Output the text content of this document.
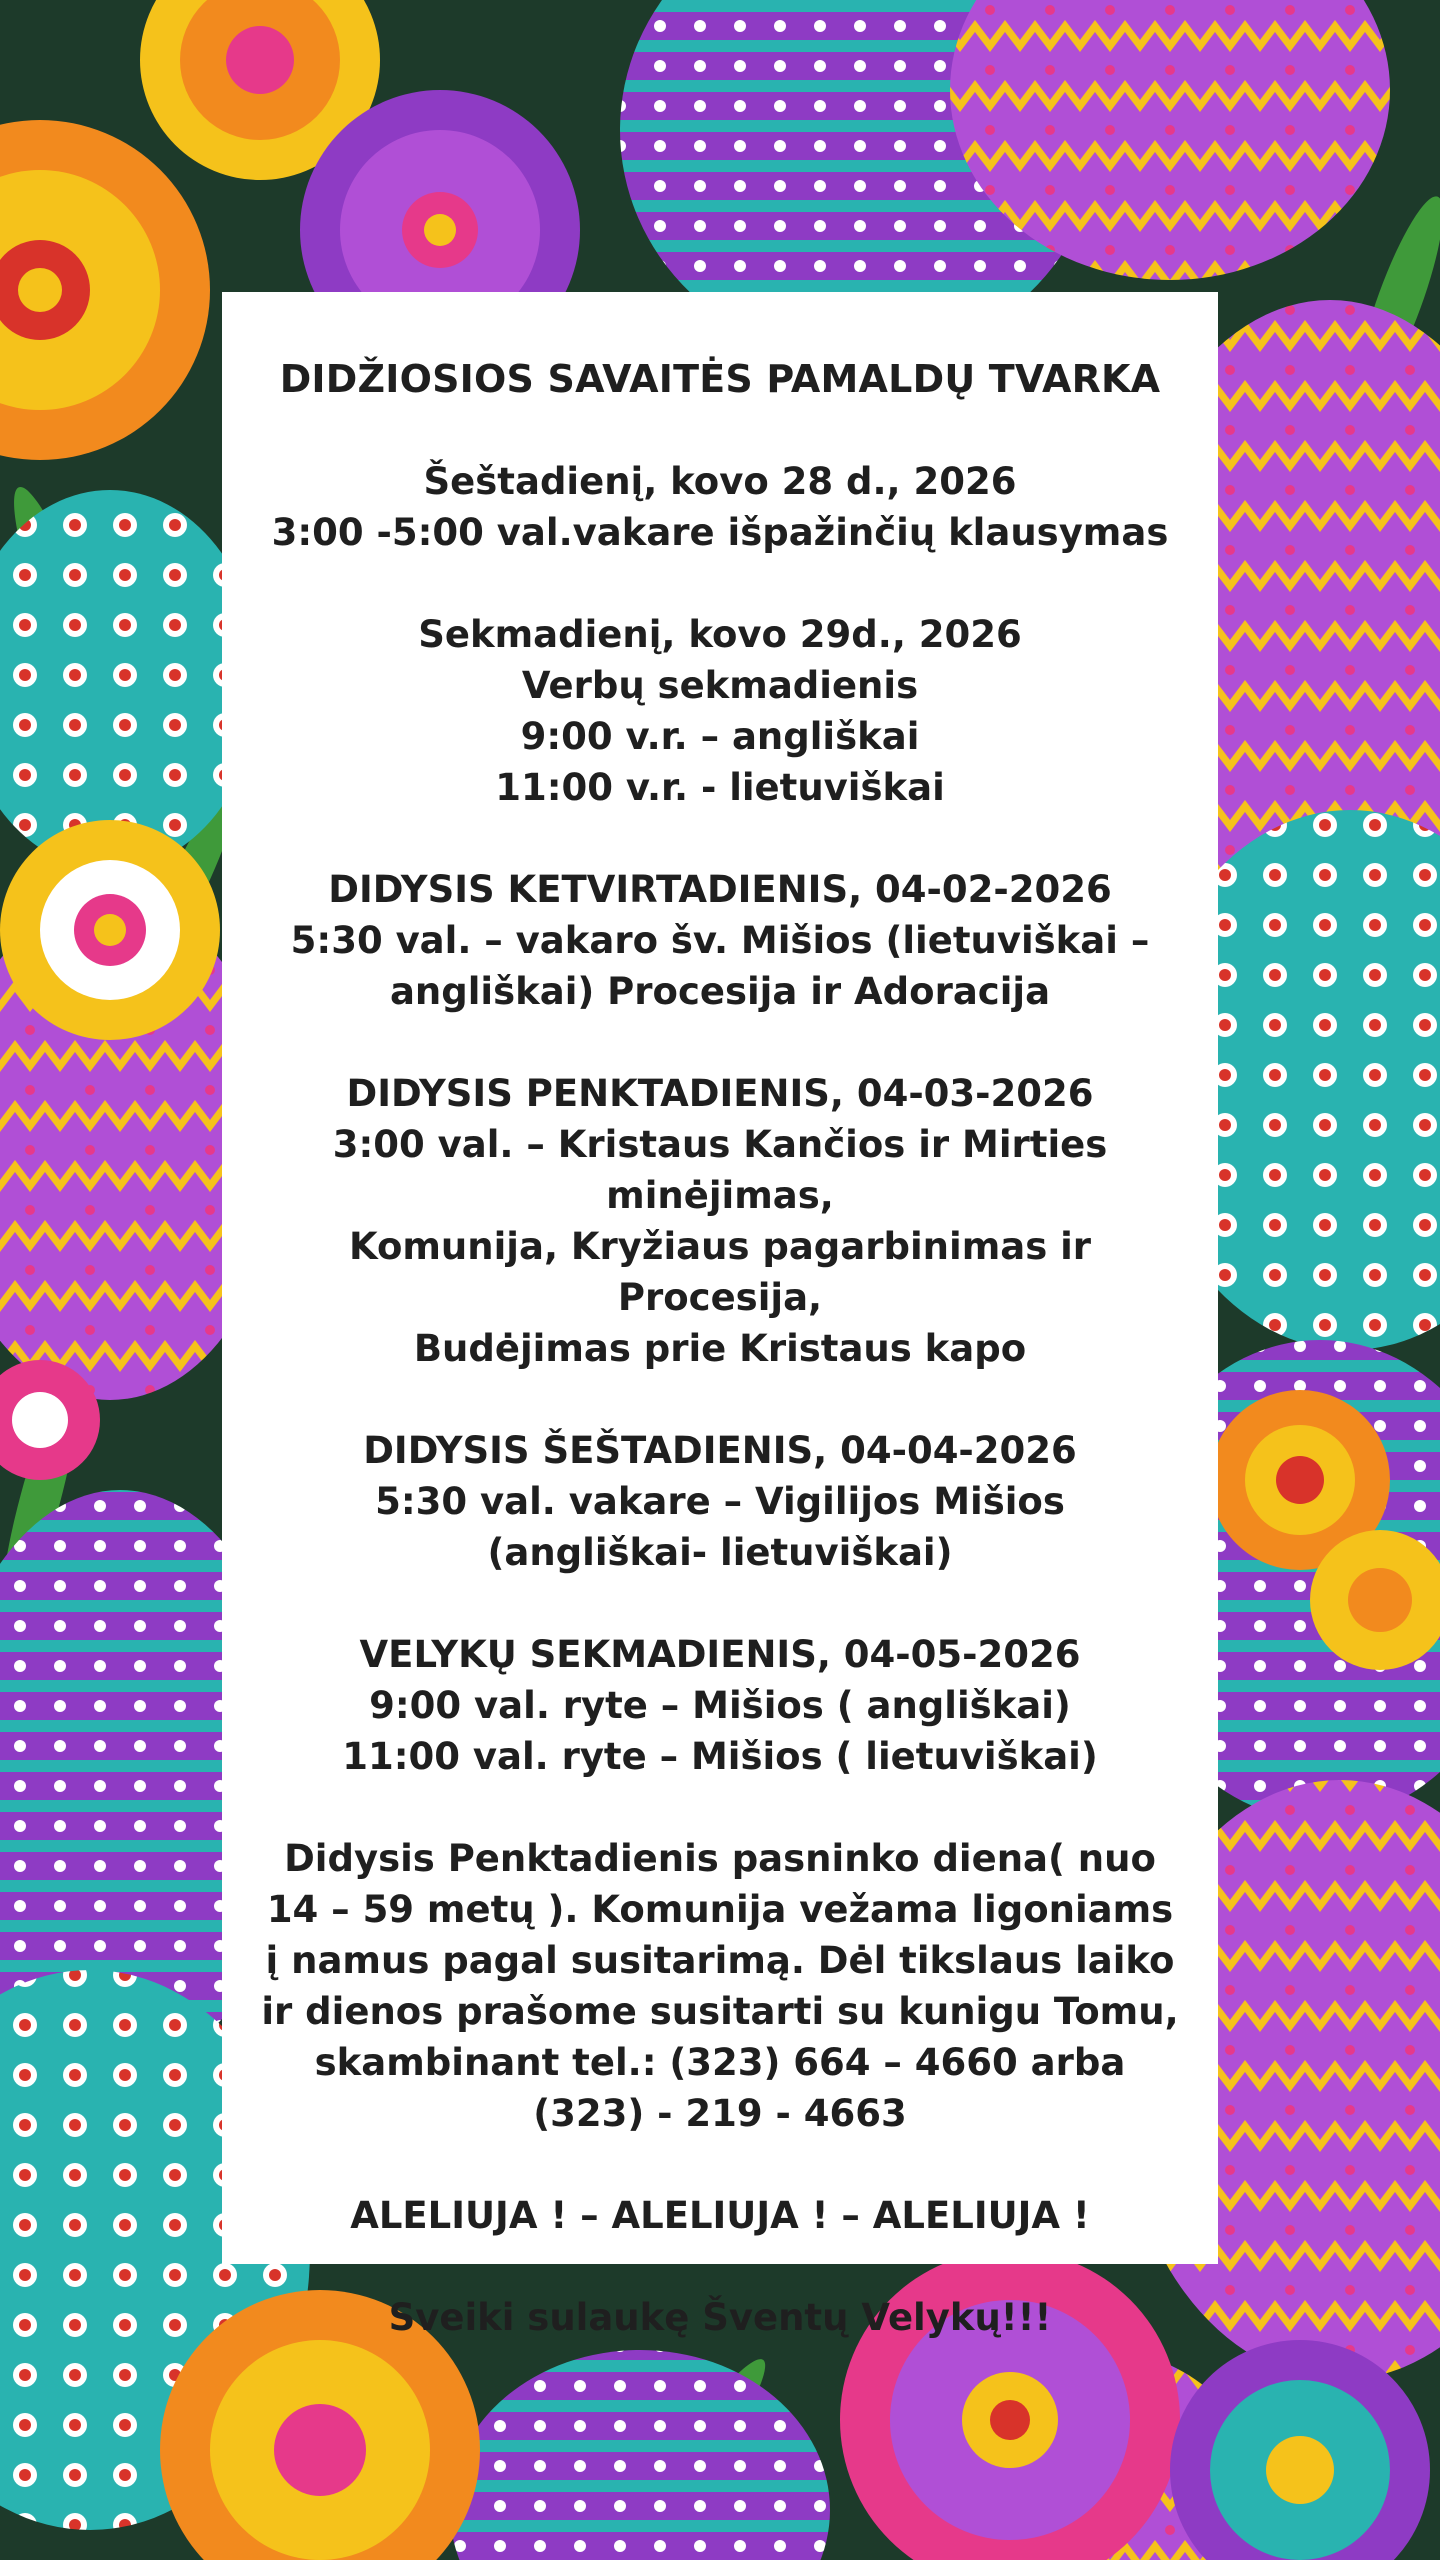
DIDŽIOSIOS SAVAITĖS PAMALDŲ TVARKA
Šeštadienį, kovo 28 d., 2026
3:00 -5:00 val.vakare išpažinčių klausymas
Sekmadienį, kovo 29d., 2026
Verbų sekmadienis
9:00 v.r. – angliškai
11:00 v.r. - lietuviškai
DIDYSIS KETVIRTADIENIS, 04-02-2026
5:30 val. – vakaro šv. Mišios (lietuviškai –
angliškai) Procesija ir Adoracija
DIDYSIS PENKTADIENIS, 04-03-2026
3:00 val. – Kristaus Kančios ir Mirties minėjimas,
Komunija, Kryžiaus pagarbinimas ir Procesija,
Budėjimas prie Kristaus kapo
DIDYSIS ŠEŠTADIENIS, 04-04-2026
5:30 val. vakare – Vigilijos Mišios
(angliškai- lietuviškai)
VELYKŲ SEKMADIENIS, 04-05-2026
9:00 val. ryte – Mišios ( angliškai)
11:00 val. ryte – Mišios ( lietuviškai)
Didysis Penktadienis pasninko diena( nuo 14 – 59 metų ). Komunija vežama ligoniams į namus pagal susitarimą. Dėl tikslaus laiko ir dienos prašome susitarti su kunigu Tomu, skambinant tel.: (323) 664 – 4660 arba (323) - 219 - 4663
ALELIUJA ! – ALELIUJA ! – ALELIUJA !
Sveiki sulaukę Šventų Velykų!!!
